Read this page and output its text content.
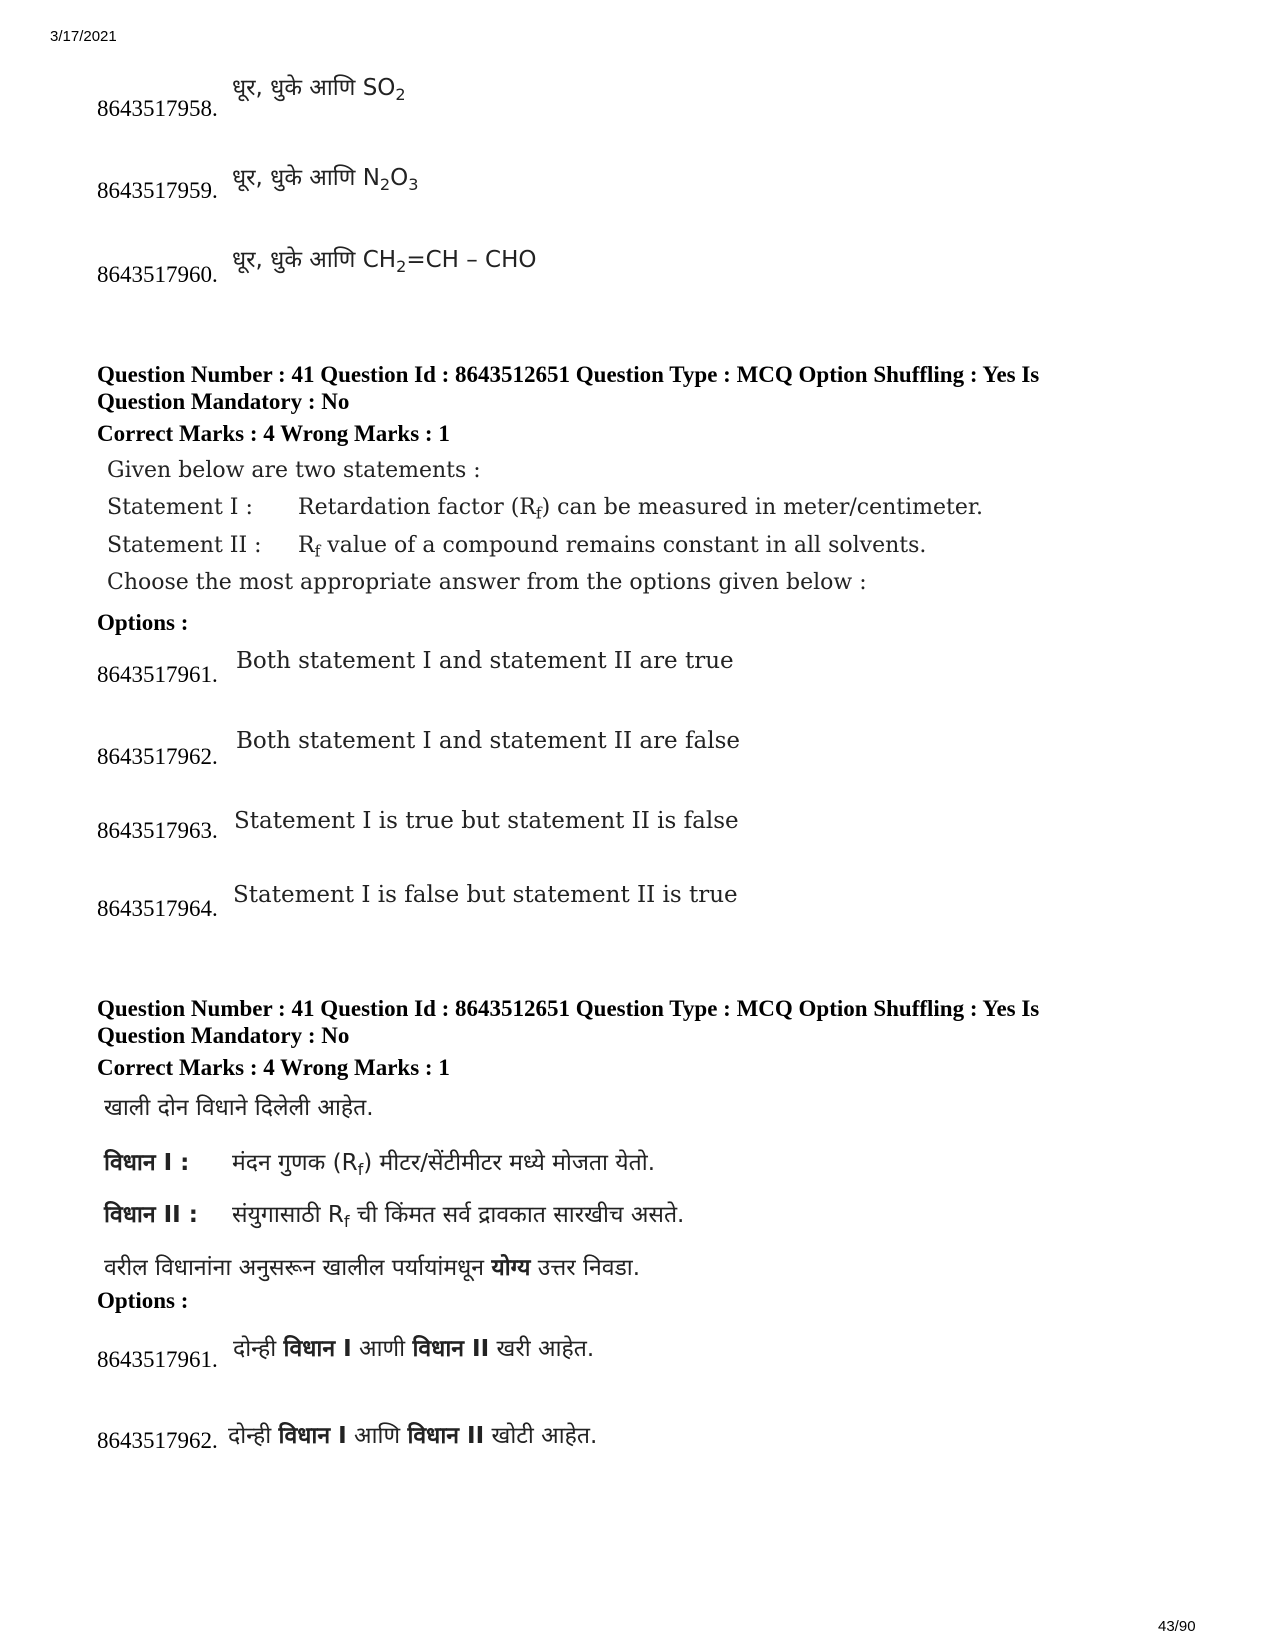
3/17/2021
8643517958.
धूर, धुके आणि $SO_2$
8643517959. धूर, धुके आणि $N_2O_3$
8643517960.
धूर, धुके आणि $CH_2=CH$ – CHO
Question Number : 41 Question Id : 8643512651 Question Type : MCQ Option Shuffling : Yes Is
Question Mandatory : No
Correct Marks : 4 Wrong Marks : 1
Given below are two statements :
Statement I : Retardation factor $(R_f)$ can be measured in meter/centimeter.
Statement II : $R_f$ value of a compound remains constant in all solvents.
Choose the most appropriate answer from the options given below :
Options :
8643517961.
Both statement I and statement II are true
8643517962.
Both statement I and statement II are false
8643517963. Statement I is true but statement II is false
8643517964.
Statement I is false but statement II is true
Question Number : 41 Question Id : 8643512651 Question Type : MCQ Option Shuffling : Yes Is
Question Mandatory : No
Correct Marks : 4 Wrong Marks : 1
खाली दोन विधाने दिलेली आहेत.
विधान I : मंदन गुणक $(R_f)$ मीटर/सेंटीमीटर मध्ये मोजता येतो.
विधान II : संयुगासाठी $R_f$ ची किंमत सर्व द्रावकात सारखीच असते.
वरील विधानांना अनुसरून खालील पर्यायांमधून योग्य उत्तर निवडा.
Options :
8643517961. दोन्ही विधान I आणी विधान II खरी आहेत.
8643517962. दोन्ही विधान I आणि विधान II खोटी आहेत.
43/90
